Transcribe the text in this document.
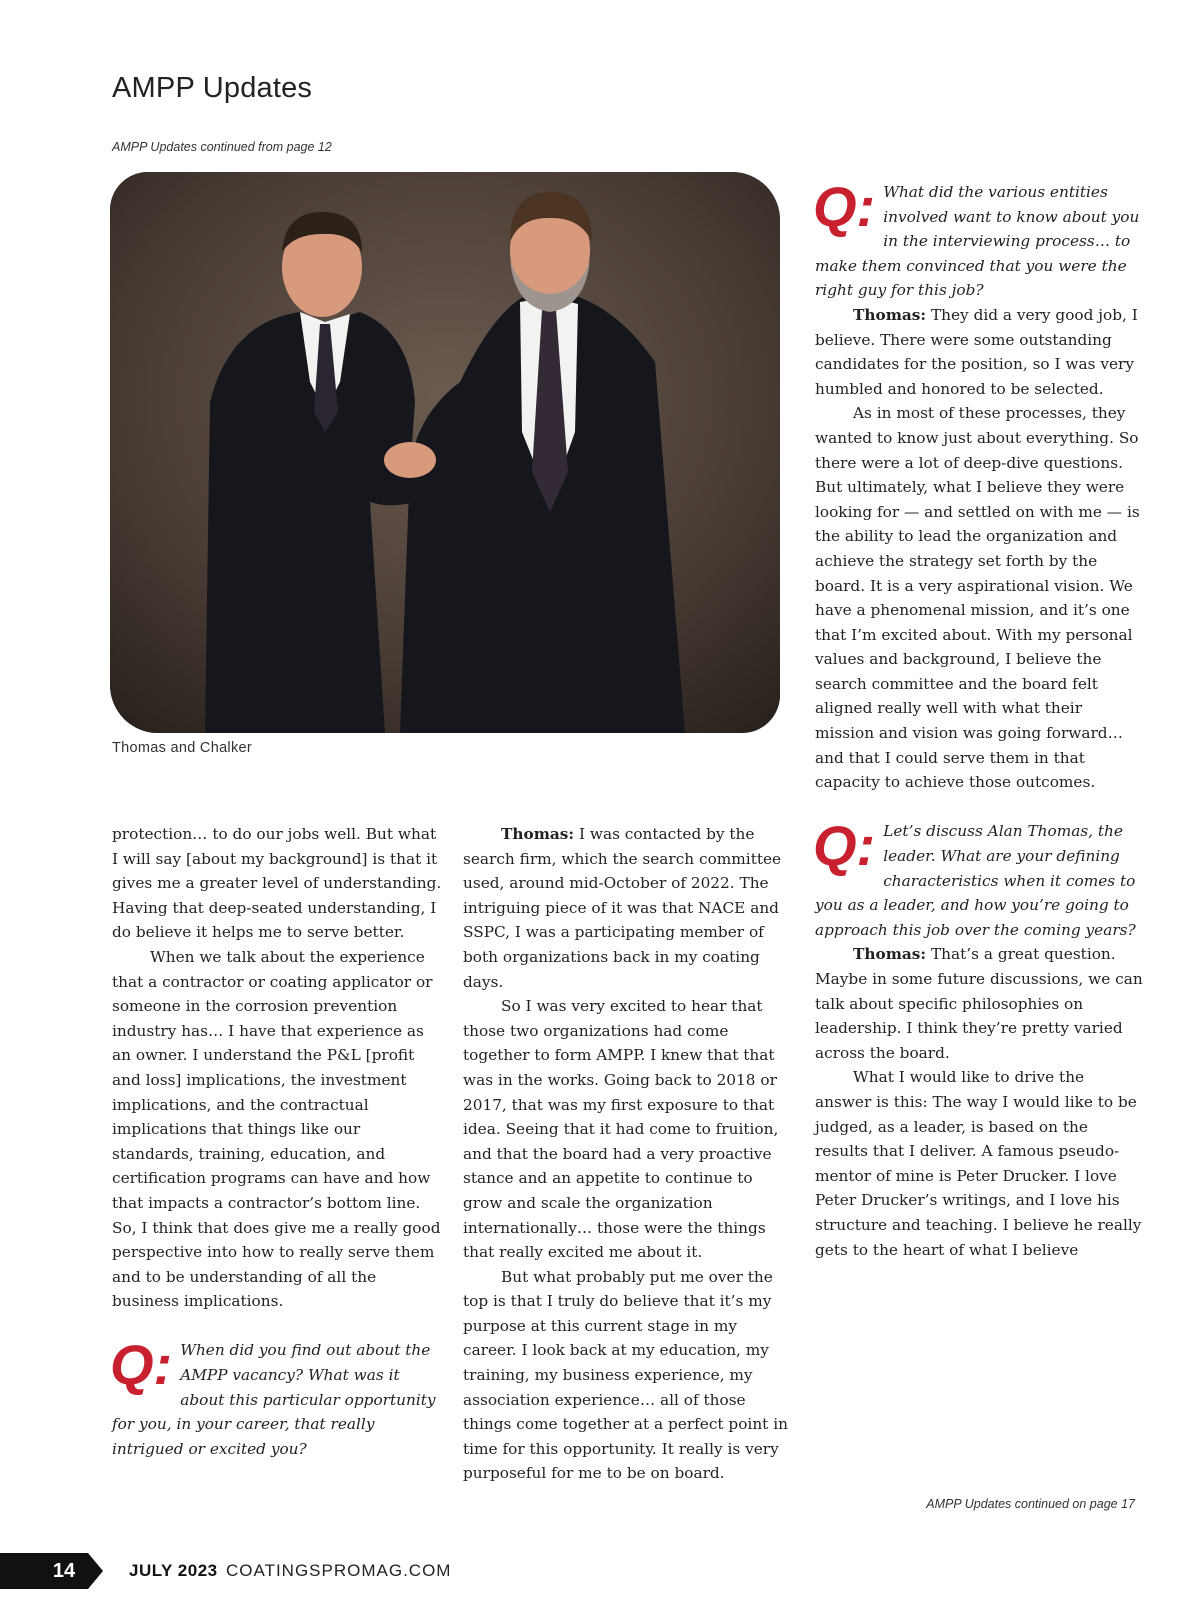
AMPP Updates
AMPP Updates continued from page 12
Thomas and Chalker

protection… to do our jobs well. But what I will say [about my background] is that it gives me a greater level of understanding. Having that deep-seated understanding, I do believe it helps me to serve better.

When we talk about the experience that a contractor or coating applicator or someone in the corrosion prevention industry has… I have that experience as an owner. I understand the P&L [profit and loss] implications, the investment implications, and the contractual implications that things like our standards, training, education, and certification programs can have and how that impacts a contractor’s bottom line. So, I think that does give me a really good perspective into how to really serve them and to be understanding of all the business implications.

Q: When did you find out about the AMPP vacancy? What was it about this particular opportunity for you, in your career, that really intrigued or excited you?

Thomas: I was contacted by the search firm, which the search committee used, around mid-October of 2022. The intriguing piece of it was that NACE and SSPC, I was a participating member of both organizations back in my coating days.

So I was very excited to hear that those two organizations had come together to form AMPP. I knew that that was in the works. Going back to 2018 or 2017, that was my first exposure to that idea. Seeing that it had come to fruition, and that the board had a very proactive stance and an appetite to continue to grow and scale the organization internationally… those were the things that really excited me about it.

But what probably put me over the top is that I truly do believe that it’s my purpose at this current stage in my career. I look back at my education, my training, my business experience, my association experience… all of those things come together at a perfect point in time for this opportunity. It really is very purposeful for me to be on board.

Q: What did the various entities involved want to know about you in the interviewing process… to make them convinced that you were the right guy for this job?

Thomas: They did a very good job, I believe. There were some outstanding candidates for the position, so I was very humbled and honored to be selected.

As in most of these processes, they wanted to know just about everything. So there were a lot of deep-dive questions. But ultimately, what I believe they were looking for — and settled on with me — is the ability to lead the organization and achieve the strategy set forth by the board. It is a very aspirational vision. We have a phenomenal mission, and it’s one that I’m excited about. With my personal values and background, I believe the search committee and the board felt aligned really well with what their mission and vision was going forward… and that I could serve them in that capacity to achieve those outcomes.

Q: Let’s discuss Alan Thomas, the leader. What are your defining characteristics when it comes to you as a leader, and how you’re going to approach this job over the coming years?

Thomas: That’s a great question. Maybe in some future discussions, we can talk about specific philosophies on leadership. I think they’re pretty varied across the board.

What I would like to drive the answer is this: The way I would like to be judged, as a leader, is based on the results that I deliver. A famous pseudo-mentor of mine is Peter Drucker. I love Peter Drucker’s writings, and I love his structure and teaching. I believe he really gets to the heart of what I believe

AMPP Updates continued on page 17
14	JULY 2023 COATINGSPROMAG.COM
